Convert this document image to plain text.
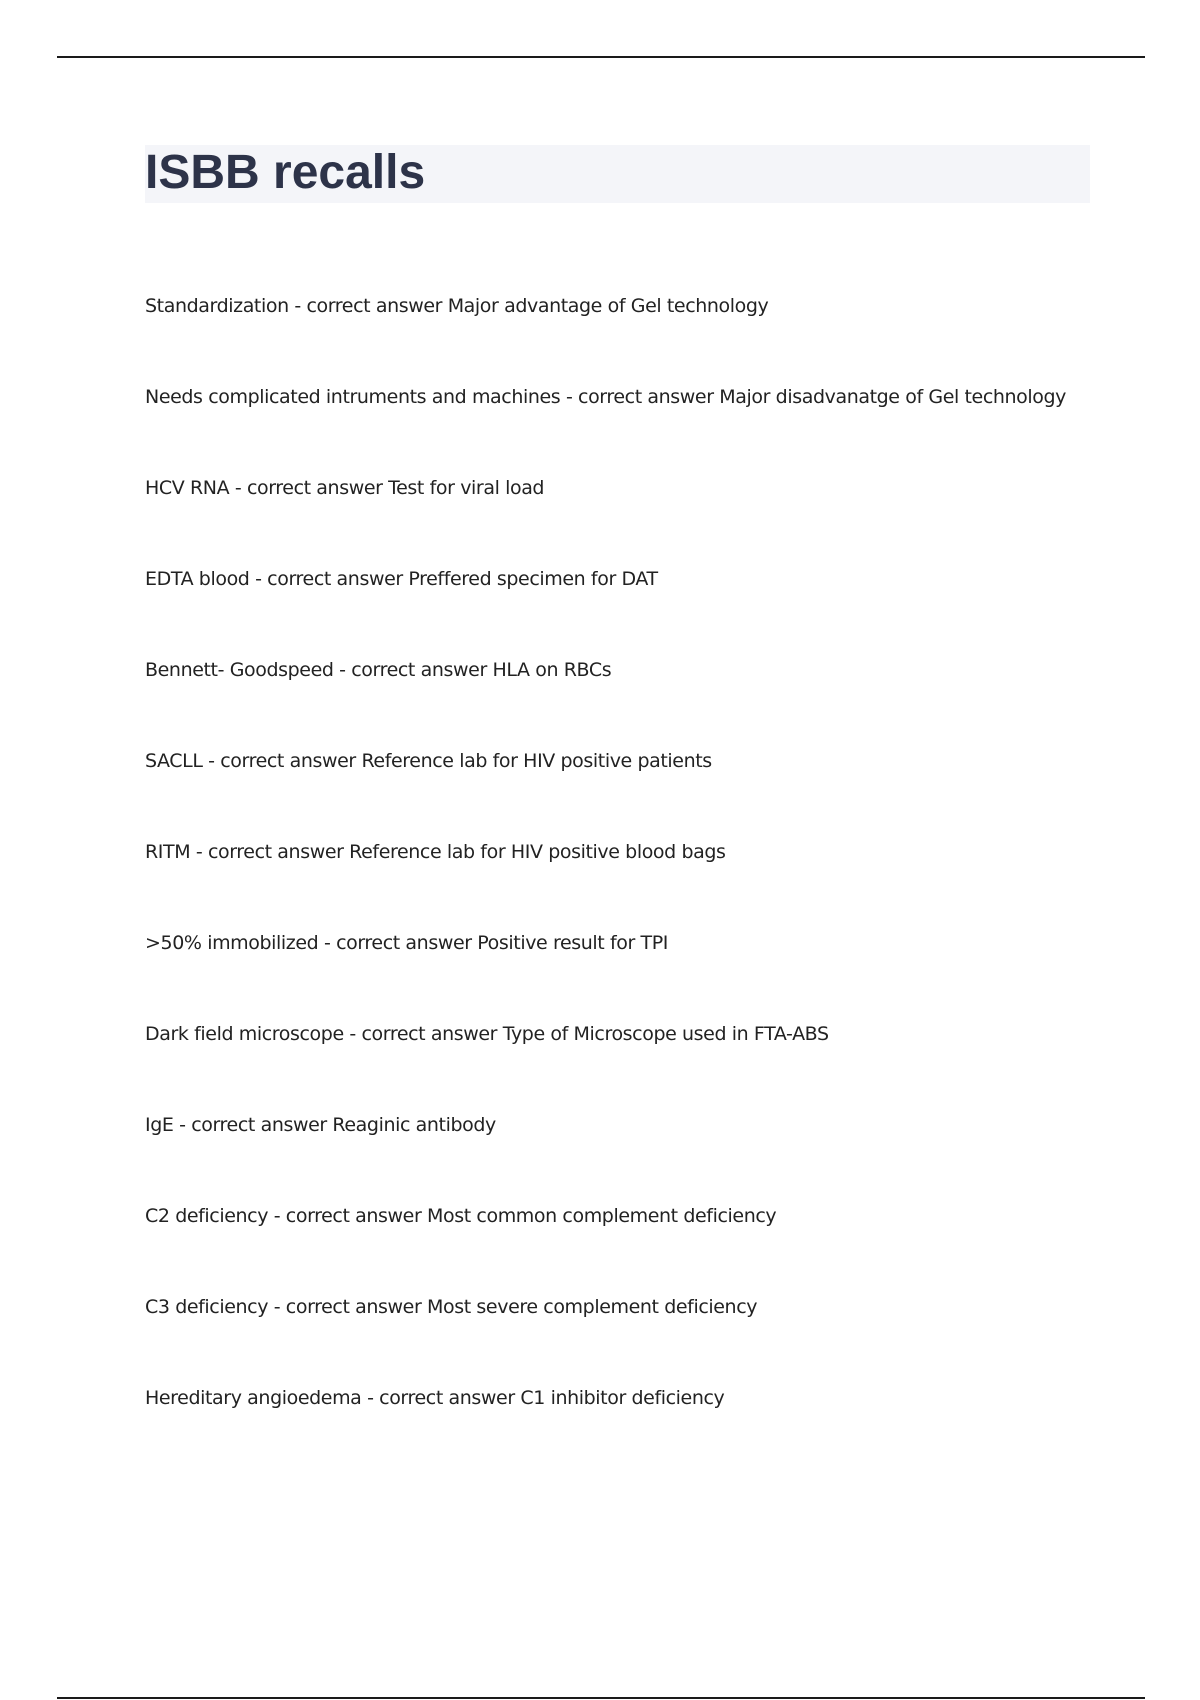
ISBB recalls
Standardization - correct answer Major advantage of Gel technology
Needs complicated intruments and machines - correct answer Major disadvanatge of Gel technology
HCV RNA - correct answer Test for viral load
EDTA blood - correct answer Preffered specimen for DAT
Bennett- Goodspeed - correct answer HLA on RBCs
SACLL - correct answer Reference lab for HIV positive patients
RITM - correct answer Reference lab for HIV positive blood bags
>50% immobilized - correct answer Positive result for TPI
Dark field microscope - correct answer Type of Microscope used in FTA-ABS
IgE - correct answer Reaginic antibody
C2 deficiency - correct answer Most common complement deficiency
C3 deficiency - correct answer Most severe complement deficiency
Hereditary angioedema - correct answer C1 inhibitor deficiency
